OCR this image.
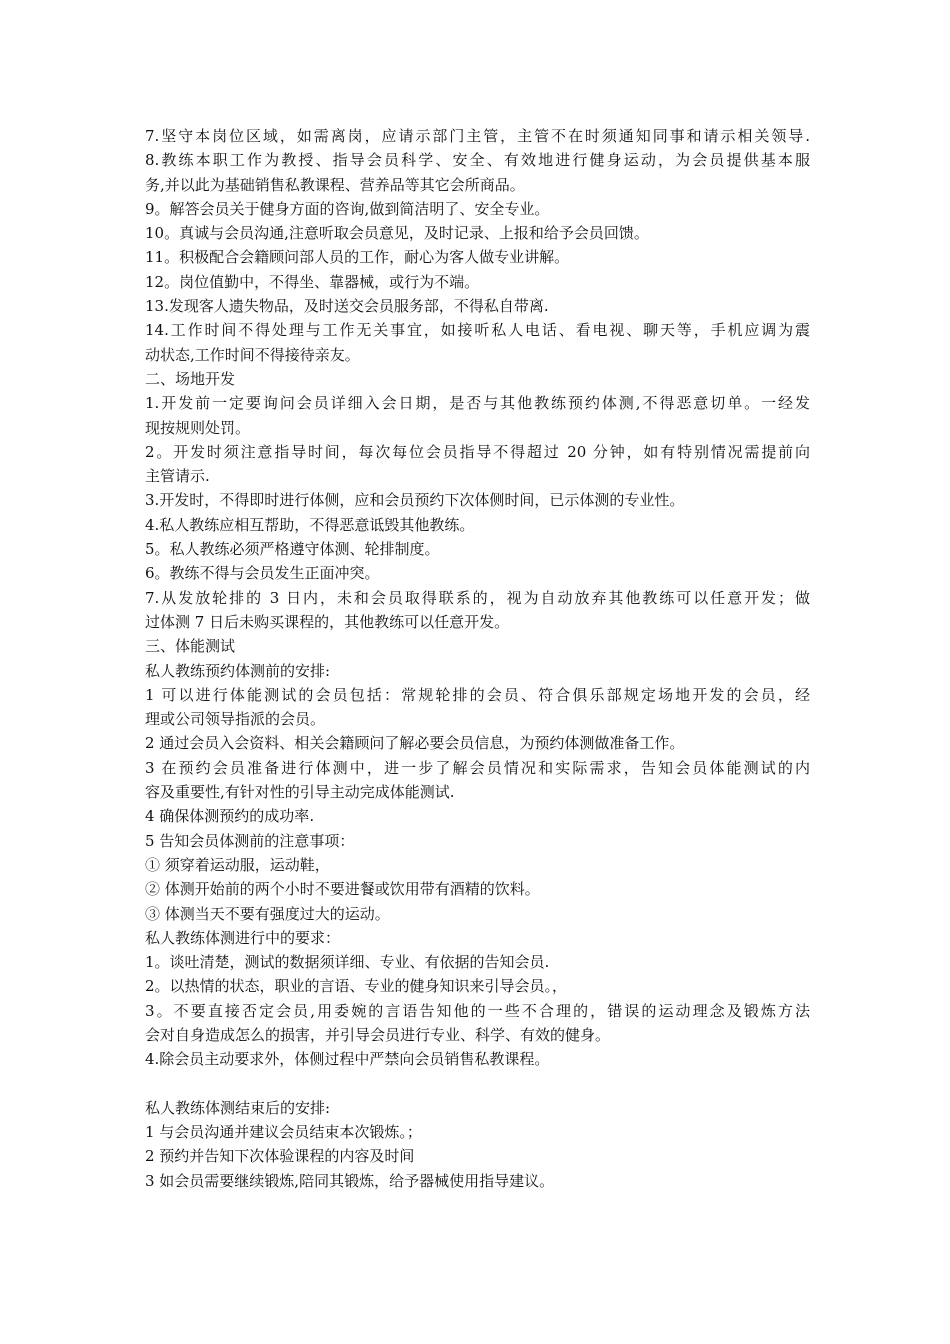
7.坚守本岗位区域，如需离岗，应请示部门主管，主管不在时须通知同事和请示相关领导.
8.教练本职工作为教授、指导会员科学、安全、有效地进行健身运动，为会员提供基本服
务,并以此为基础销售私教课程、营养品等其它会所商品。
9。解答会员关于健身方面的咨询,做到简洁明了、安全专业。
10。真诚与会员沟通,注意听取会员意见，及时记录、上报和给予会员回馈。
11。积极配合会籍顾问部人员的工作，耐心为客人做专业讲解。
12。岗位值勤中，不得坐、靠器械，或行为不端。
13.发现客人遗失物品，及时送交会员服务部，不得私自带离.
14.工作时间不得处理与工作无关事宜，如接听私人电话、看电视、聊天等，手机应调为震
动状态,工作时间不得接待亲友。
二、场地开发
1.开发前一定要询问会员详细入会日期，是否与其他教练预约体测,不得恶意切单。一经发
现按规则处罚。
2。开发时须注意指导时间，每次每位会员指导不得超过 20 分钟，如有特别情况需提前向
主管请示.
3.开发时，不得即时进行体侧，应和会员预约下次体侧时间，已示体测的专业性。
4.私人教练应相互帮助，不得恶意诋毁其他教练。
5。私人教练必须严格遵守体测、轮排制度。
6。教练不得与会员发生正面冲突。
7.从发放轮排的 3 日内，未和会员取得联系的，视为自动放弃其他教练可以任意开发；做
过体测 7 日后未购买课程的，其他教练可以任意开发。
三、体能测试
私人教练预约体测前的安排:
1 可以进行体能测试的会员包括：常规轮排的会员、符合俱乐部规定场地开发的会员，经
理或公司领导指派的会员。
2 通过会员入会资料、相关会籍顾问了解必要会员信息，为预约体测做准备工作。
3 在预约会员准备进行体测中，进一步了解会员情况和实际需求，告知会员体能测试的内
容及重要性,有针对性的引导主动完成体能测试.
4 确保体测预约的成功率.
5 告知会员体测前的注意事项：
① 须穿着运动服，运动鞋，
② 体测开始前的两个小时不要进餐或饮用带有酒精的饮料。
③ 体测当天不要有强度过大的运动。
私人教练体测进行中的要求：
1。谈吐清楚，测试的数据须详细、专业、有依据的告知会员.
2。以热情的状态，职业的言语、专业的健身知识来引导会员。，
3。不要直接否定会员,用委婉的言语告知他的一些不合理的，错误的运动理念及锻炼方法
会对自身造成怎么的损害，并引导会员进行专业、科学、有效的健身。
4.除会员主动要求外，体侧过程中严禁向会员销售私教课程。
私人教练体测结束后的安排:
1 与会员沟通并建议会员结束本次锻炼。；
2 预约并告知下次体验课程的内容及时间
3 如会员需要继续锻炼,陪同其锻炼，给予器械使用指导建议。
